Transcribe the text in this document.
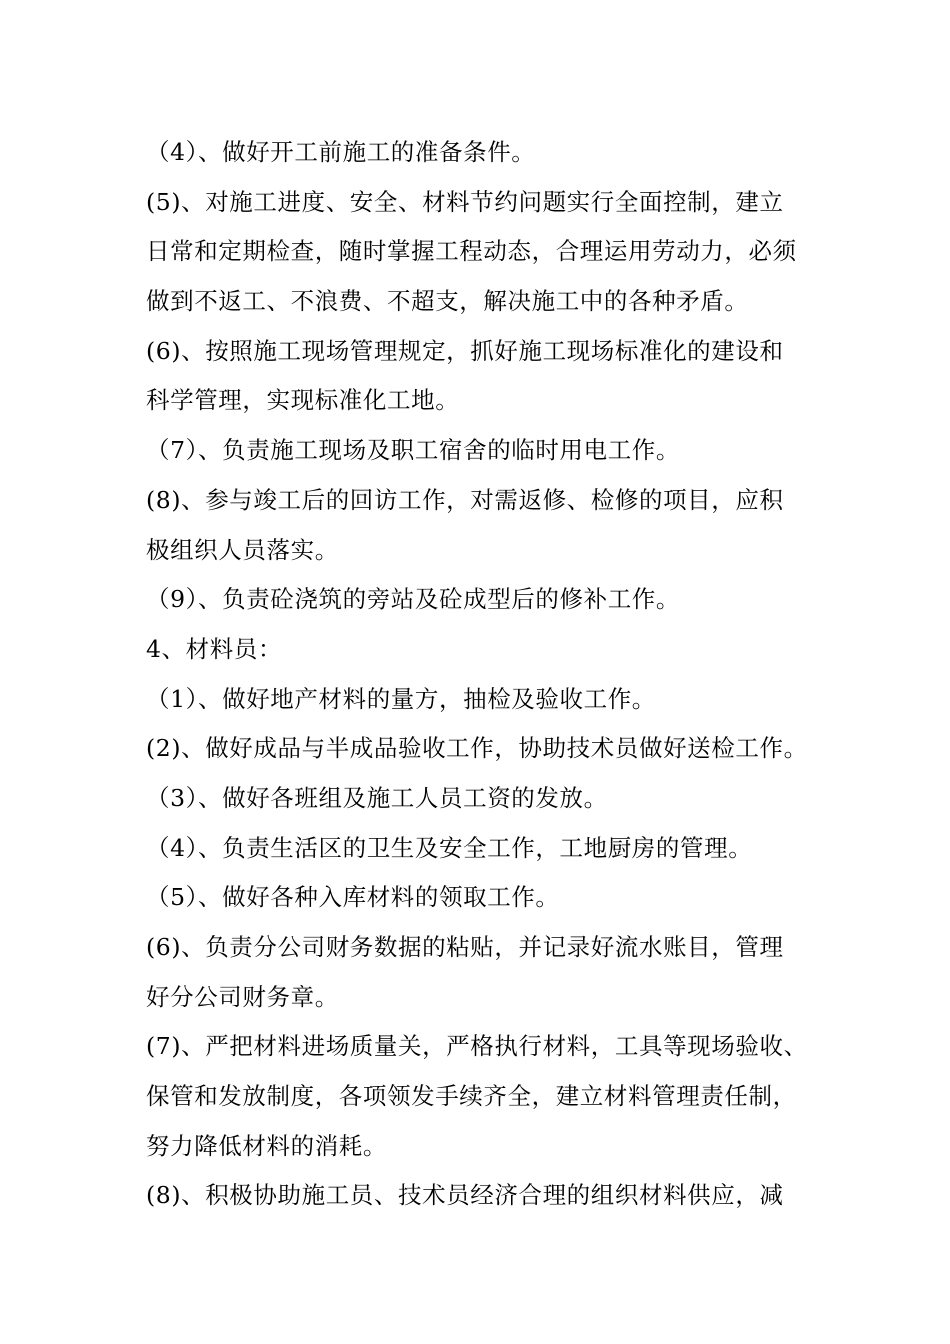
（4）、做好开工前施工的准备条件。
(5)、对施工进度、安全、材料节约问题实行全面控制，建立
日常和定期检查，随时掌握工程动态，合理运用劳动力，必须
做到不返工、不浪费、不超支，解决施工中的各种矛盾。
(6)、按照施工现场管理规定，抓好施工现场标准化的建设和
科学管理，实现标准化工地。
（7）、负责施工现场及职工宿舍的临时用电工作。
(8)、参与竣工后的回访工作，对需返修、检修的项目，应积
极组织人员落实。
（9）、负责砼浇筑的旁站及砼成型后的修补工作。
4、材料员：
（1）、做好地产材料的量方，抽检及验收工作。
(2)、做好成品与半成品验收工作，协助技术员做好送检工作。
（3）、做好各班组及施工人员工资的发放。
（4）、负责生活区的卫生及安全工作，工地厨房的管理。
（5）、做好各种入库材料的领取工作。
(6)、负责分公司财务数据的粘贴，并记录好流水账目，管理
好分公司财务章。
(7)、严把材料进场质量关，严格执行材料，工具等现场验收、
保管和发放制度，各项领发手续齐全，建立材料管理责任制，
努力降低材料的消耗。
(8)、积极协助施工员、技术员经济合理的组织材料供应，减
